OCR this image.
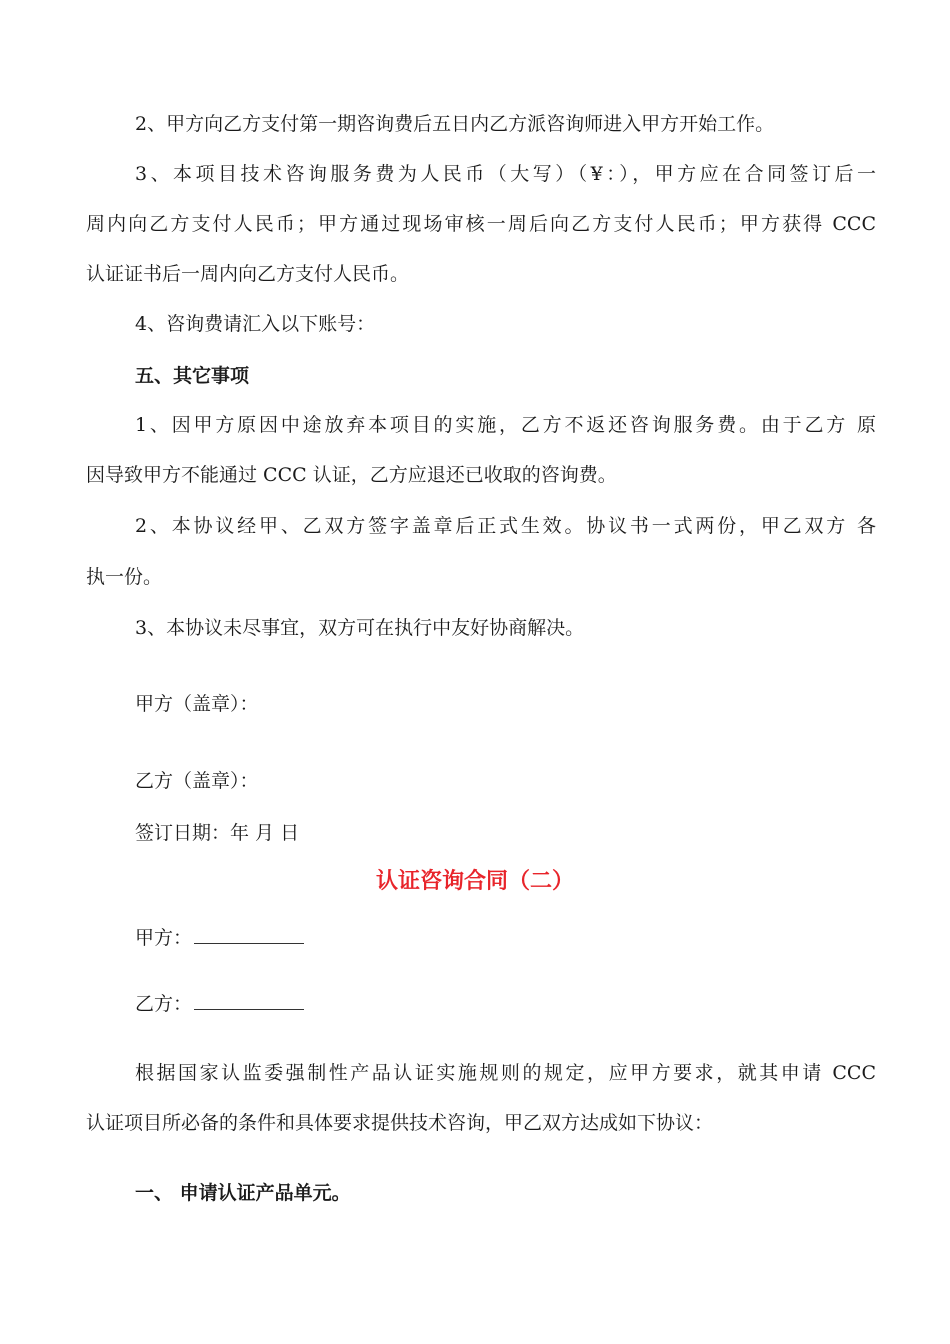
2、甲方向乙方支付第一期咨询费后五日内乙方派咨询师进入甲方开始工作。
3、本项目技术咨询服务费为人民币（大写）（¥：），甲方应在合同签订后一
周内向乙方支付人民币；甲方通过现场审核一周后向乙方支付人民币；甲方获得 CCC
认证证书后一周内向乙方支付人民币。
4、咨询费请汇入以下账号：
五、其它事项
1、因甲方原因中途放弃本项目的实施，乙方不返还咨询服务费。由于乙方 原
因导致甲方不能通过 CCC 认证，乙方应退还已收取的咨询费。
2、本协议经甲、乙双方签字盖章后正式生效。协议书一式两份，甲乙双方 各
执一份。
3、本协议未尽事宜，双方可在执行中友好协商解决。
甲方（盖章）：
乙方（盖章）：
签订日期：年 月 日
认证咨询合同（二）
甲方：
乙方：
根据国家认监委强制性产品认证实施规则的规定，应甲方要求，就其申请 CCC
认证项目所必备的条件和具体要求提供技术咨询，甲乙双方达成如下协议：
一、 申请认证产品单元。
